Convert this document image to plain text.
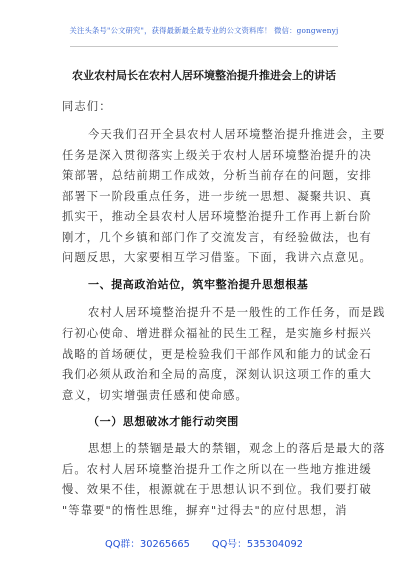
关注头条号"公文研究"，获得最新最全最专业的公文资料库！ 微信：gongwenyj
农业农村局长在农村人居环境整治提升推进会上的讲话
同志们：
今天我们召开全县农村人居环境整治提升推进会，主要
任务是深入贯彻落实上级关于农村人居环境整治提升的决
策部署，总结前期工作成效，分析当前存在的问题，安排
部署下一阶段重点任务，进一步统一思想、凝聚共识、真
抓实干，推动全县农村人居环境整治提升工作再上新台阶
刚才，几个乡镇和部门作了交流发言，有经验做法，也有
问题反思，大家要相互学习借鉴。下面，我讲六点意见。
一、提高政治站位，筑牢整治提升思想根基
农村人居环境整治提升不是一般性的工作任务，而是践
行初心使命、增进群众福祉的民生工程，是实施乡村振兴
战略的首场硬仗，更是检验我们干部作风和能力的试金石
我们必须从政治和全局的高度，深刻认识这项工作的重大
意义，切实增强责任感和使命感。
（一）思想破冰才能行动突围
思想上的禁锢是最大的禁锢，观念上的落后是最大的落
后。农村人居环境整治提升工作之所以在一些地方推进缓
慢、效果不佳，根源就在于思想认识不到位。我们要打破
"等靠要"的惰性思维，摒弃"过得去"的应付思想，消
QQ群：30265665 QQ号：535304092
